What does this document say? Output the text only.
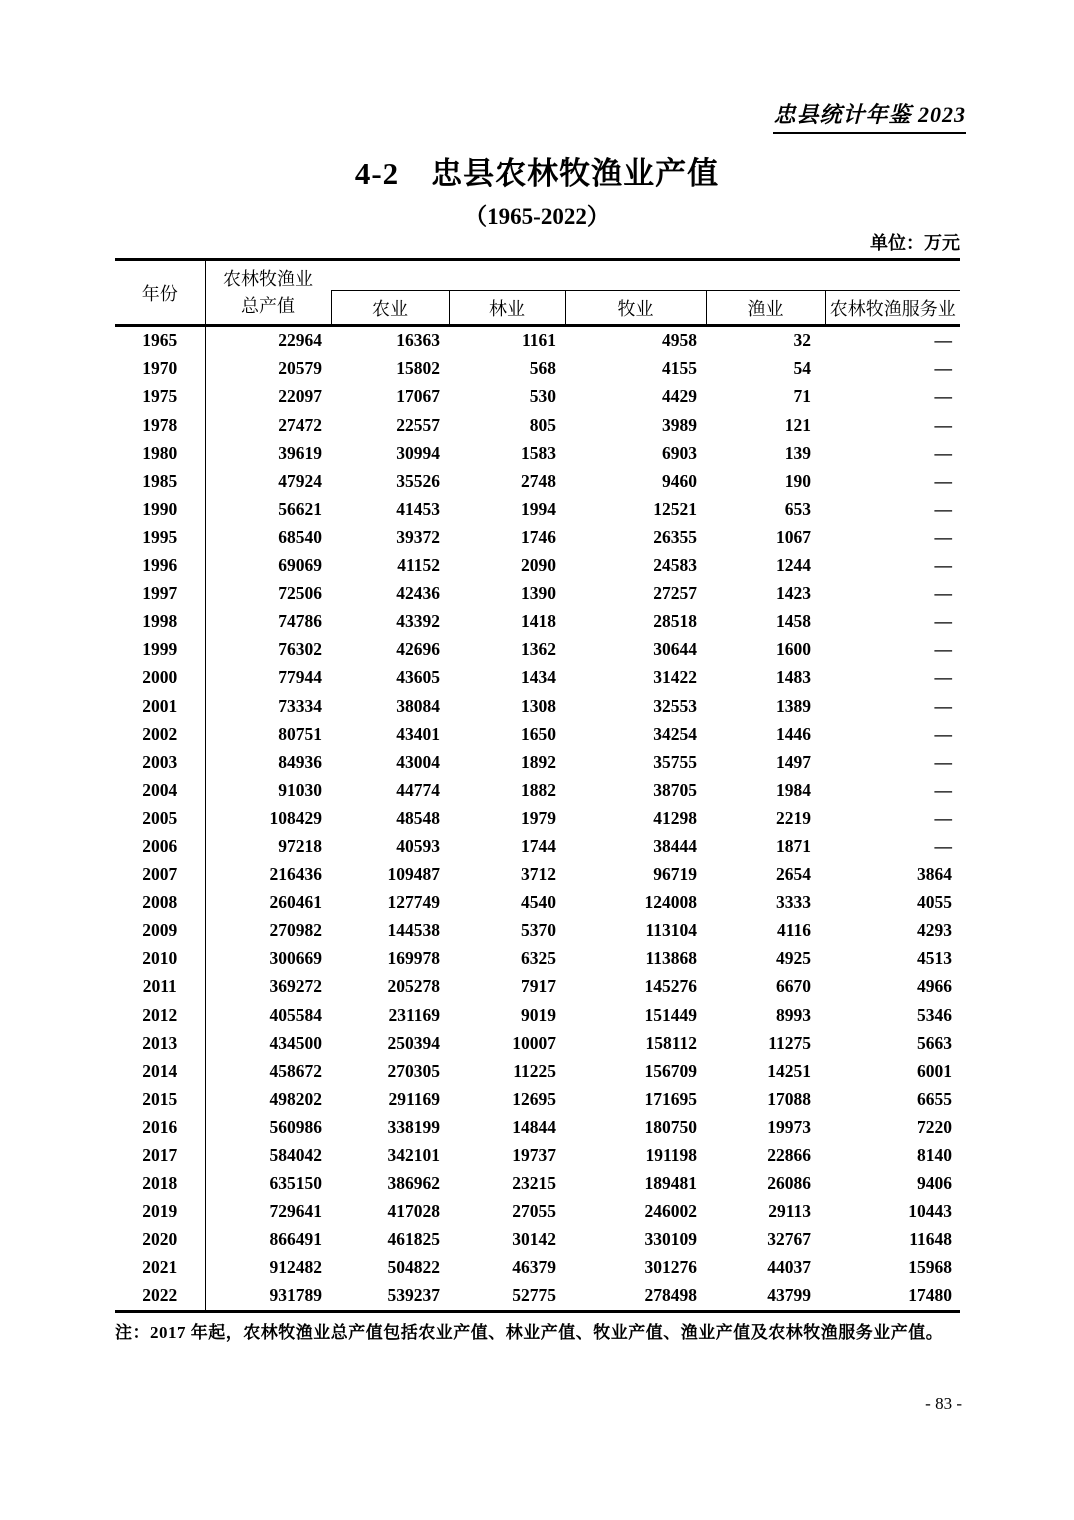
忠县统计年鉴 2023
4-2　忠县农林牧渔业产值
（1965-2022）
单位：万元
年份	农林牧渔业
总产值					

		农业	林业	牧业	渔业	农林牧渔服务业
1965	22964	16363	1161	4958	32	—
1970	20579	15802	568	4155	54	—
1975	22097	17067	530	4429	71	—
1978	27472	22557	805	3989	121	—
1980	39619	30994	1583	6903	139	—
1985	47924	35526	2748	9460	190	—
1990	56621	41453	1994	12521	653	—
1995	68540	39372	1746	26355	1067	—
1996	69069	41152	2090	24583	1244	—
1997	72506	42436	1390	27257	1423	—
1998	74786	43392	1418	28518	1458	—
1999	76302	42696	1362	30644	1600	—
2000	77944	43605	1434	31422	1483	—
2001	73334	38084	1308	32553	1389	—
2002	80751	43401	1650	34254	1446	—
2003	84936	43004	1892	35755	1497	—
2004	91030	44774	1882	38705	1984	—
2005	108429	48548	1979	41298	2219	—
2006	97218	40593	1744	38444	1871	—
2007	216436	109487	3712	96719	2654	3864
2008	260461	127749	4540	124008	3333	4055
2009	270982	144538	5370	113104	4116	4293
2010	300669	169978	6325	113868	4925	4513
2011	369272	205278	7917	145276	6670	4966
2012	405584	231169	9019	151449	8993	5346
2013	434500	250394	10007	158112	11275	5663
2014	458672	270305	11225	156709	14251	6001
2015	498202	291169	12695	171695	17088	6655
2016	560986	338199	14844	180750	19973	7220
2017	584042	342101	19737	191198	22866	8140
2018	635150	386962	23215	189481	26086	9406
2019	729641	417028	27055	246002	29113	10443
2020	866491	461825	30142	330109	32767	11648
2021	912482	504822	46379	301276	44037	15968
2022	931789	539237	52775	278498	43799	17480
注：2017 年起，农林牧渔业总产值包括农业产值、林业产值、牧业产值、渔业产值及农林牧渔服务业产值。
- 83 -
